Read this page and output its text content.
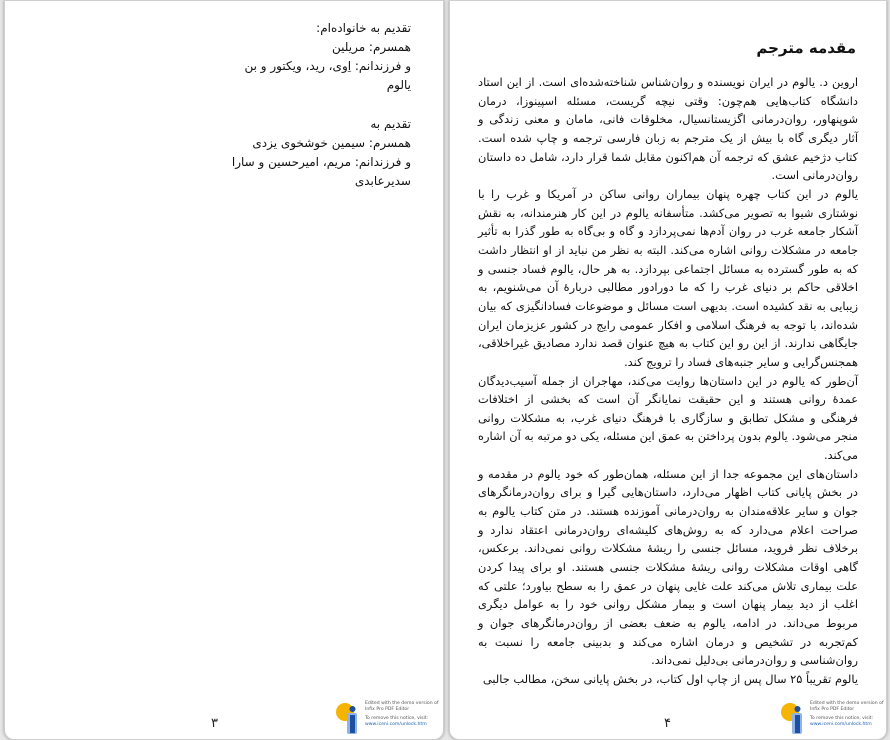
تقدیم به خانواده‌ام:

همسرم: مریلین

و فرزندانم: اِوی، رید، ویکتور و بن

یالوم

تقدیم به

همسرم: سیمین خوشخوی یزدی

و فرزندانم: مریم، امیرحسین و سارا

سدیرعابدی

۳
Edited with the demo version of
Infix Pro PDF Editor
To remove this notice, visit:
www.iceni.com/unlock.htm
مقدمه مترجم

اروین د. یالوم در ایران نویسنده و روان‌شناس شناخته‌شده‌ای است. از این استاد دانشگاه کتاب‌هایی هم‌چون: وقتی نیچه گریست، مسئله اسپینوزا، درمان شوپنهاور، روان‌درمانی اگزیستانسیال، مخلوقات فانی، مامان و معنی زندگی و آثار دیگری گاه با بیش از یک مترجم به زبان فارسی ترجمه و چاپ شده است. کتاب دژخیم عشق که ترجمه آن هم‌اکنون مقابل شما قرار دارد، شامل ده داستان روان‌درمانی است.

یالوم در این کتاب چهره پنهان بیماران روانی ساکن در آمریکا و غرب را با نوشتاری شیوا به تصویر می‌کشد. متأسفانه یالوم در این کار هنرمندانه، به نقش آشکار جامعه غرب در روان آدم‌ها نمی‌پردازد و گاه و بی‌گاه به طور گذرا به تأثیر جامعه در مشکلات روانی اشاره می‌کند. البته به نظر من نباید از او انتظار داشت که به طور گسترده به مسائل اجتماعی بپردازد. به هر حال، یالوم فساد جنسی و اخلاقی حاکم بر دنیای غرب را که ما دورادور مطالبی دربارهٔ آن می‌شنویم، به زیبایی به نقد کشیده است. بدیهی است مسائل و موضوعات فسادانگیزی که بیان شده‌اند، با توجه به فرهنگ اسلامی و افکار عمومی رایج در کشور عزیزمان ایران جایگاهی ندارند. از این رو این کتاب به هیچ عنوان قصد ندارد مصادیق غیراخلاقی، همجنس‌گرایی و سایر جنبه‌های فساد را ترویج کند.

آن‌طور که یالوم در این داستان‌ها روایت می‌کند، مهاجران از جمله آسیب‌دیدگان عمدهٔ روانی هستند و این حقیقت نمایانگر آن است که بخشی از اختلافات فرهنگی و مشکل تطابق و سازگاری با فرهنگ دنیای غرب، به مشکلات روانی منجر می‌شود. یالوم بدون پرداختن به عمق این مسئله، یکی دو مرتبه به آن اشاره می‌کند.

داستان‌های این مجموعه جدا از این مسئله، همان‌طور که خود یالوم در مقدمه و در بخش پایانی کتاب اظهار می‌دارد، داستان‌هایی گیرا و برای روان‌درمانگرهای جوان و سایر علاقه‌مندان به روان‌درمانی آموزنده هستند. در متن کتاب یالوم به صراحت اعلام می‌دارد که به روش‌های کلیشه‌ای روان‌درمانی اعتقاد ندارد و برخلاف نظر فروید، مسائل جنسی را ریشهٔ مشکلات روانی نمی‌داند. برعکس، گاهی اوقات مشکلات روانی ریشهٔ مشکلات جنسی هستند. او برای پیدا کردن علت بیماری تلاش می‌کند علت غایی پنهان در عمق را به سطح بیاورد؛ علتی که اغلب از دید بیمار پنهان است و بیمار مشکل روانی خود را به عوامل دیگری مربوط می‌داند. در ادامه، یالوم به ضعف بعضی از روان‌درمانگرهای جوان و کم‌تجربه در تشخیص و درمان اشاره می‌کند و بدبینی جامعه را نسبت به روان‌شناسی و روان‌درمانی بی‌دلیل نمی‌داند.

یالوم تقریباً ۲۵ سال پس از چاپ اول کتاب، در بخش پایانی سخن، مطالب جالبی

۴
Edited with the demo version of
Infix Pro PDF Editor
To remove this notice, visit:
www.iceni.com/unlock.htm
